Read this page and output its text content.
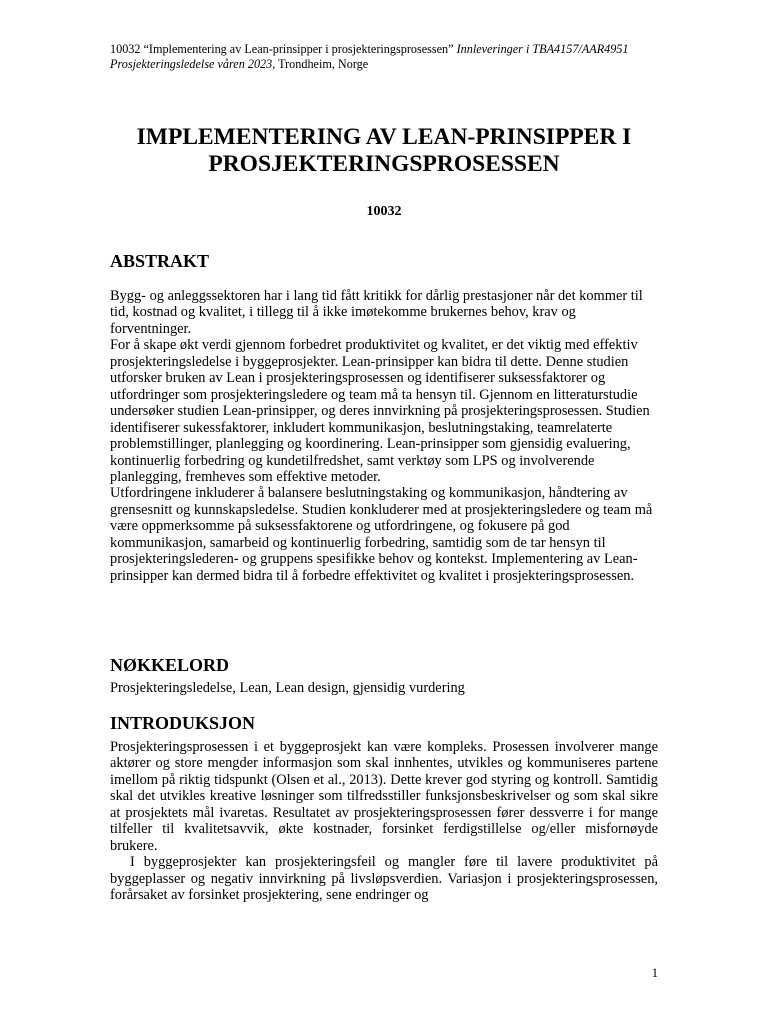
10032 “Implementering av Lean-prinsipper i prosjekteringsprosessen” Innleveringer i TBA4157/AAR4951
Prosjekteringsledelse våren 2023, Trondheim, Norge
IMPLEMENTERING AV LEAN-PRINSIPPER I
PROSJEKTERINGSPROSESSEN
10032
ABSTRAKT

Bygg- og anleggssektoren har i lang tid fått kritikk for dårlig prestasjoner når det kommer til tid, kostnad og kvalitet, i tillegg til å ikke imøtekomme brukernes behov, krav og forventninger.

For å skape økt verdi gjennom forbedret produktivitet og kvalitet, er det viktig med effektiv prosjekteringsledelse i byggeprosjekter. Lean-prinsipper kan bidra til dette. Denne studien utforsker bruken av Lean i prosjekteringsprosessen og identifiserer suksessfaktorer og utfordringer som prosjekteringsledere og team må ta hensyn til. Gjennom en litteraturstudie undersøker studien Lean-prinsipper, og deres innvirkning på prosjekteringsprosessen. Studien identifiserer sukessfaktorer, inkludert kommunikasjon, beslutningstaking, teamrelaterte problemstillinger, planlegging og koordinering. Lean-prinsipper som gjensidig evaluering, kontinuerlig forbedring og kundetilfredshet, samt verktøy som LPS og involverende planlegging, fremheves som effektive metoder.

Utfordringene inkluderer å balansere beslutningstaking og kommunikasjon, håndtering av grensesnitt og kunnskapsledelse. Studien konkluderer med at prosjekteringsledere og team må være oppmerksomme på suksessfaktorene og utfordringene, og fokusere på god kommunikasjon, samarbeid og kontinuerlig forbedring, samtidig som de tar hensyn til prosjekteringslederen- og gruppens spesifikke behov og kontekst. Implementering av Lean-prinsipper kan dermed bidra til å forbedre effektivitet og kvalitet i prosjekteringsprosessen.

NØKKELORD
Prosjekteringsledelse, Lean, Lean design, gjensidig vurdering
INTRODUKSJON

Prosjekteringsprosessen i et byggeprosjekt kan være kompleks. Prosessen involverer mange aktører og store mengder informasjon som skal innhentes, utvikles og kommuniseres partene imellom på riktig tidspunkt (Olsen et al., 2013). Dette krever god styring og kontroll. Samtidig skal det utvikles kreative løsninger som tilfredsstiller funksjonsbeskrivelser og som skal sikre at prosjektets mål ivaretas. Resultatet av prosjekteringsprosessen fører dessverre i for mange tilfeller til kvalitetsavvik, økte kostnader, forsinket ferdigstillelse og/eller misfornøyde brukere.

I byggeprosjekter kan prosjekteringsfeil og mangler føre til lavere produktivitet på byggeplasser og negativ innvirkning på livsløpsverdien. Variasjon i prosjekteringsprosessen, forårsaket av forsinket prosjektering, sene endringer og

1
